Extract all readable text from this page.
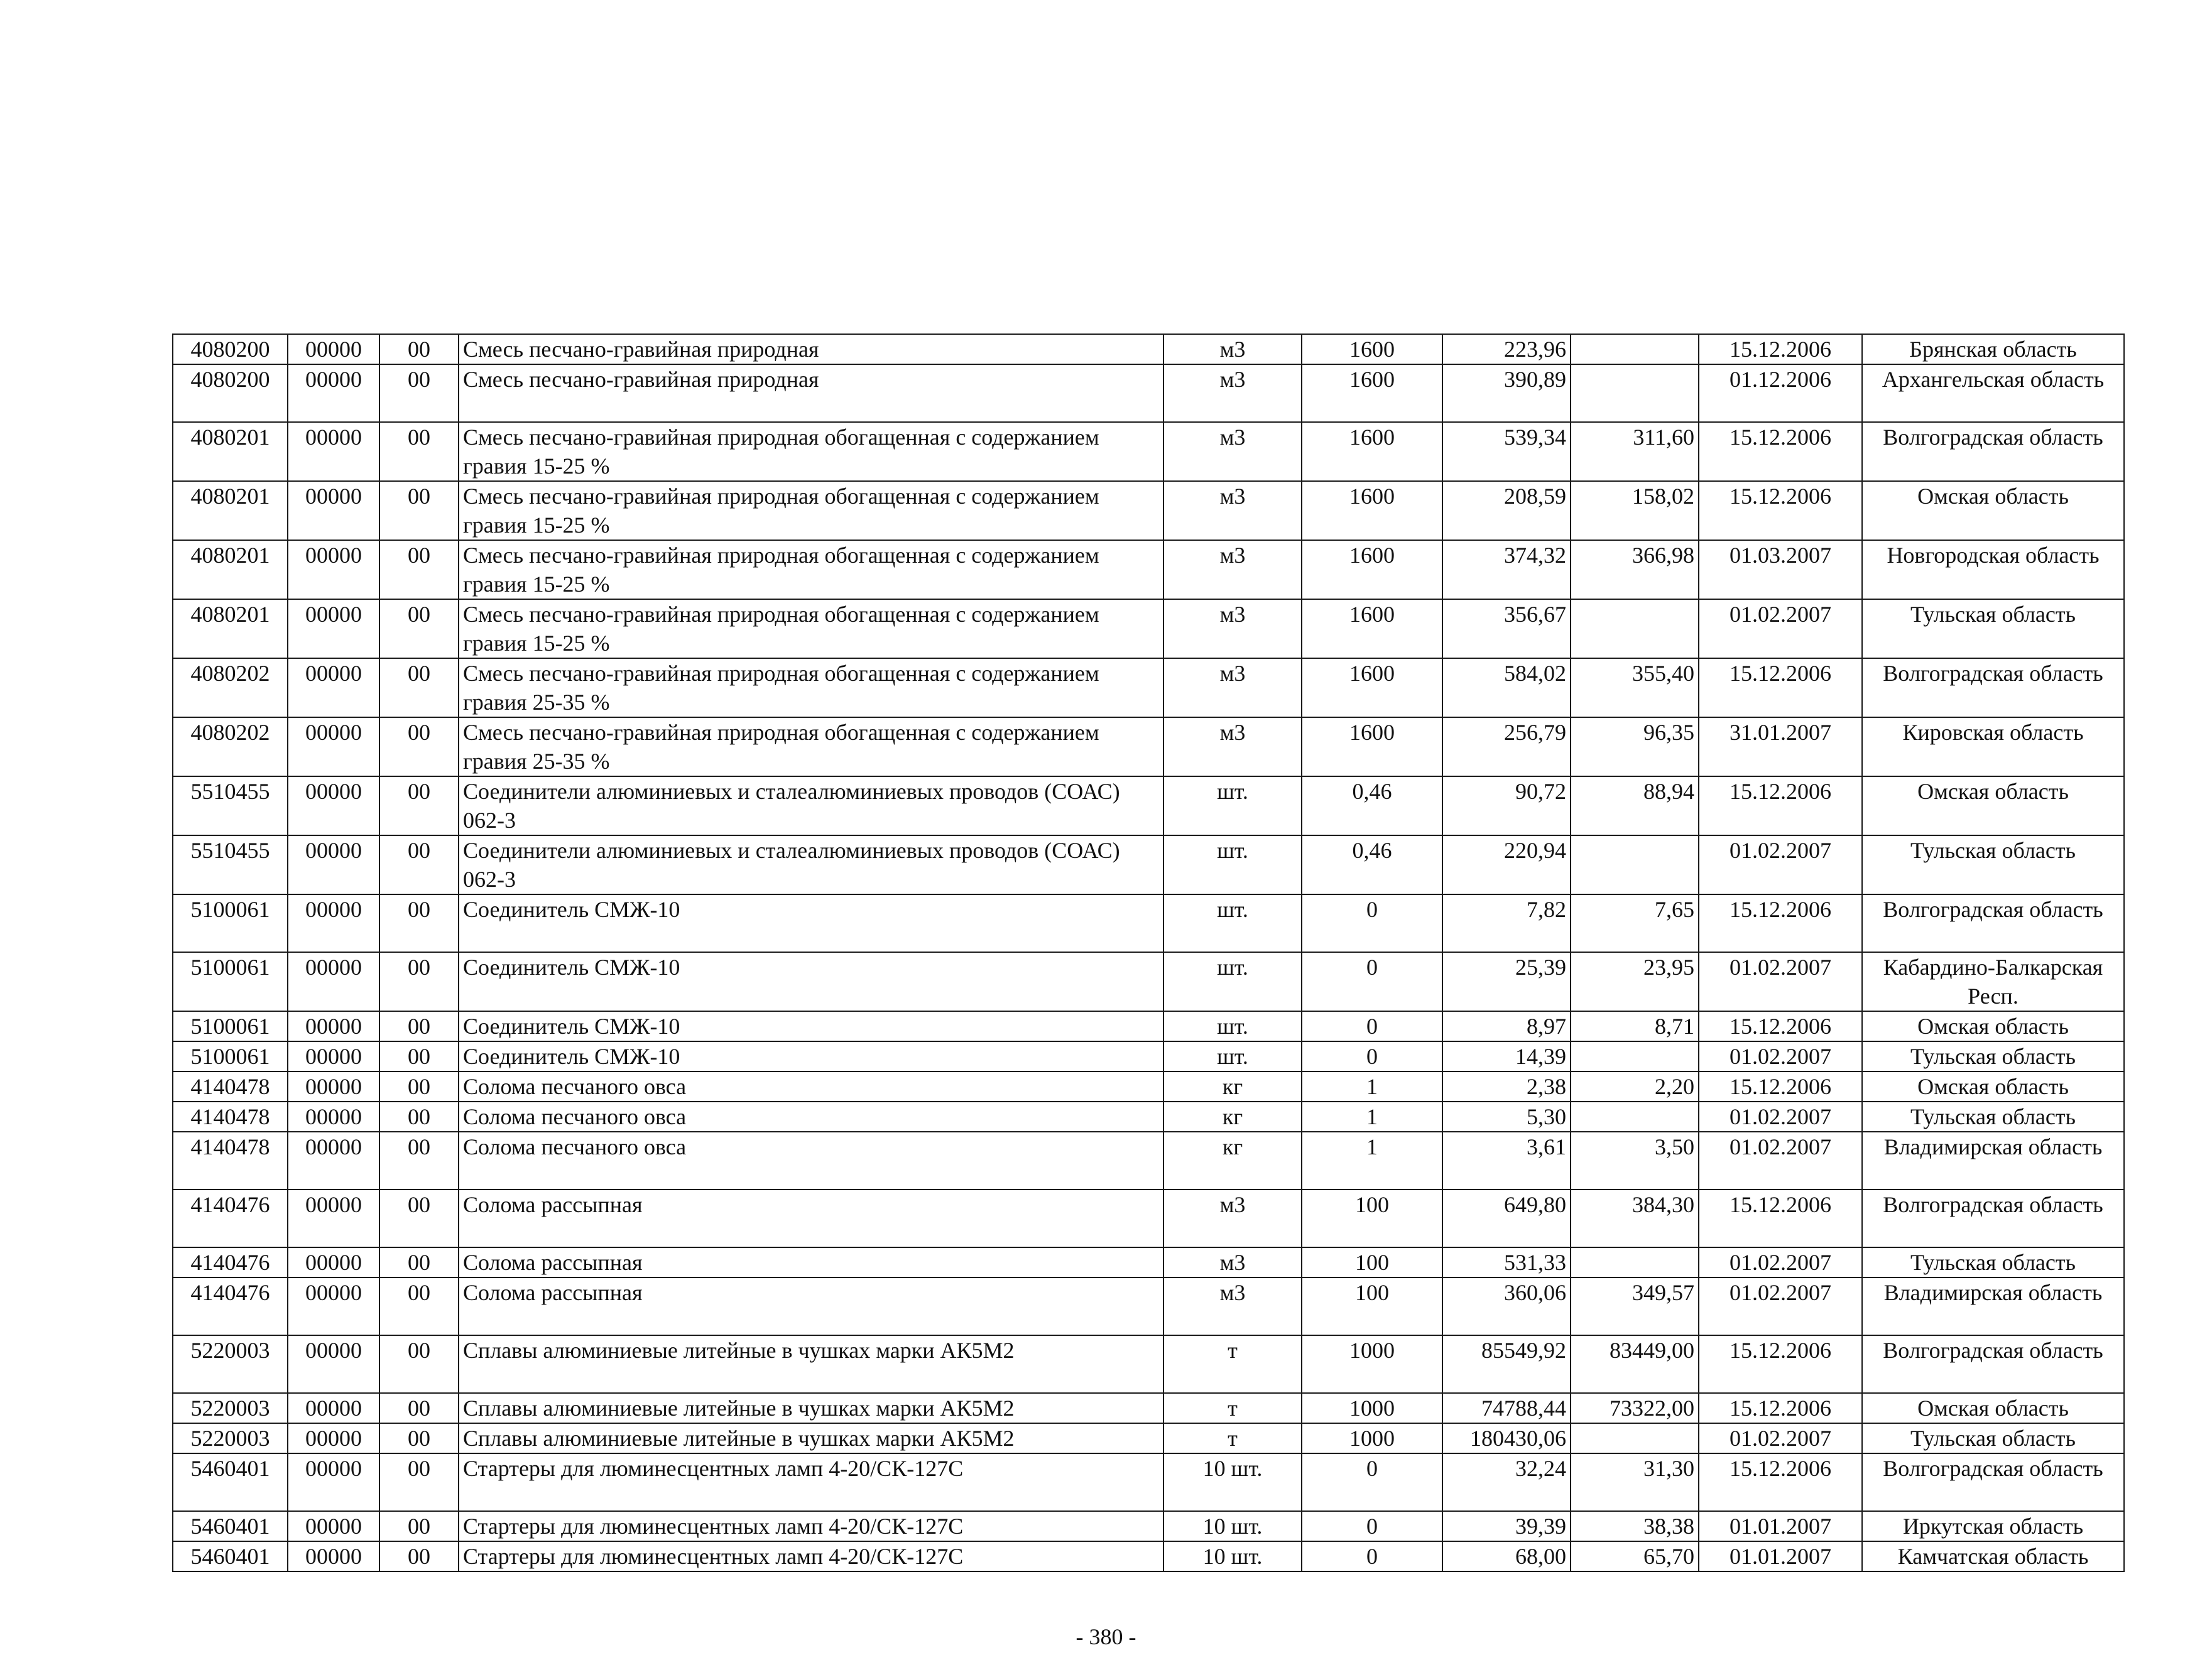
4080200	00000	00	Смесь песчано-гравийная природная	м3	1600	223,96		15.12.2006	Брянская область
4080200	00000	00	Смесь песчано-гравийная природная	м3	1600	390,89		01.12.2006	Архангельская область
4080201	00000	00	Смесь песчано-гравийная природная обогащенная с содержанием гравия 15-25 %	м3	1600	539,34	311,60	15.12.2006	Волгоградская область
4080201	00000	00	Смесь песчано-гравийная природная обогащенная с содержанием гравия 15-25 %	м3	1600	208,59	158,02	15.12.2006	Омская область
4080201	00000	00	Смесь песчано-гравийная природная обогащенная с содержанием гравия 15-25 %	м3	1600	374,32	366,98	01.03.2007	Новгородская область
4080201	00000	00	Смесь песчано-гравийная природная обогащенная с содержанием гравия 15-25 %	м3	1600	356,67		01.02.2007	Тульская область
4080202	00000	00	Смесь песчано-гравийная природная обогащенная с содержанием гравия 25-35 %	м3	1600	584,02	355,40	15.12.2006	Волгоградская область
4080202	00000	00	Смесь песчано-гравийная природная обогащенная с содержанием гравия 25-35 %	м3	1600	256,79	96,35	31.01.2007	Кировская область
5510455	00000	00	Соединители алюминиевых и сталеалюминиевых проводов (СОАС) 062-3	шт.	0,46	90,72	88,94	15.12.2006	Омская область
5510455	00000	00	Соединители алюминиевых и сталеалюминиевых проводов (СОАС) 062-3	шт.	0,46	220,94		01.02.2007	Тульская область
5100061	00000	00	Соединитель СМЖ-10	шт.	0	7,82	7,65	15.12.2006	Волгоградская область
5100061	00000	00	Соединитель СМЖ-10	шт.	0	25,39	23,95	01.02.2007	Кабардино-Балкарская Респ.
5100061	00000	00	Соединитель СМЖ-10	шт.	0	8,97	8,71	15.12.2006	Омская область
5100061	00000	00	Соединитель СМЖ-10	шт.	0	14,39		01.02.2007	Тульская область
4140478	00000	00	Солома песчаного овса	кг	1	2,38	2,20	15.12.2006	Омская область
4140478	00000	00	Солома песчаного овса	кг	1	5,30		01.02.2007	Тульская область
4140478	00000	00	Солома песчаного овса	кг	1	3,61	3,50	01.02.2007	Владимирская область
4140476	00000	00	Солома рассыпная	м3	100	649,80	384,30	15.12.2006	Волгоградская область
4140476	00000	00	Солома рассыпная	м3	100	531,33		01.02.2007	Тульская область
4140476	00000	00	Солома рассыпная	м3	100	360,06	349,57	01.02.2007	Владимирская область
5220003	00000	00	Сплавы алюминиевые литейные в чушках марки АК5М2	т	1000	85549,92	83449,00	15.12.2006	Волгоградская область
5220003	00000	00	Сплавы алюминиевые литейные в чушках марки АК5М2	т	1000	74788,44	73322,00	15.12.2006	Омская область
5220003	00000	00	Сплавы алюминиевые литейные в чушках марки АК5М2	т	1000	180430,06		01.02.2007	Тульская область
5460401	00000	00	Стартеры для люминесцентных ламп 4-20/СК-127С	10 шт.	0	32,24	31,30	15.12.2006	Волгоградская область
5460401	00000	00	Стартеры для люминесцентных ламп 4-20/СК-127С	10 шт.	0	39,39	38,38	01.01.2007	Иркутская область
5460401	00000	00	Стартеры для люминесцентных ламп 4-20/СК-127С	10 шт.	0	68,00	65,70	01.01.2007	Камчатская область
- 380 -
